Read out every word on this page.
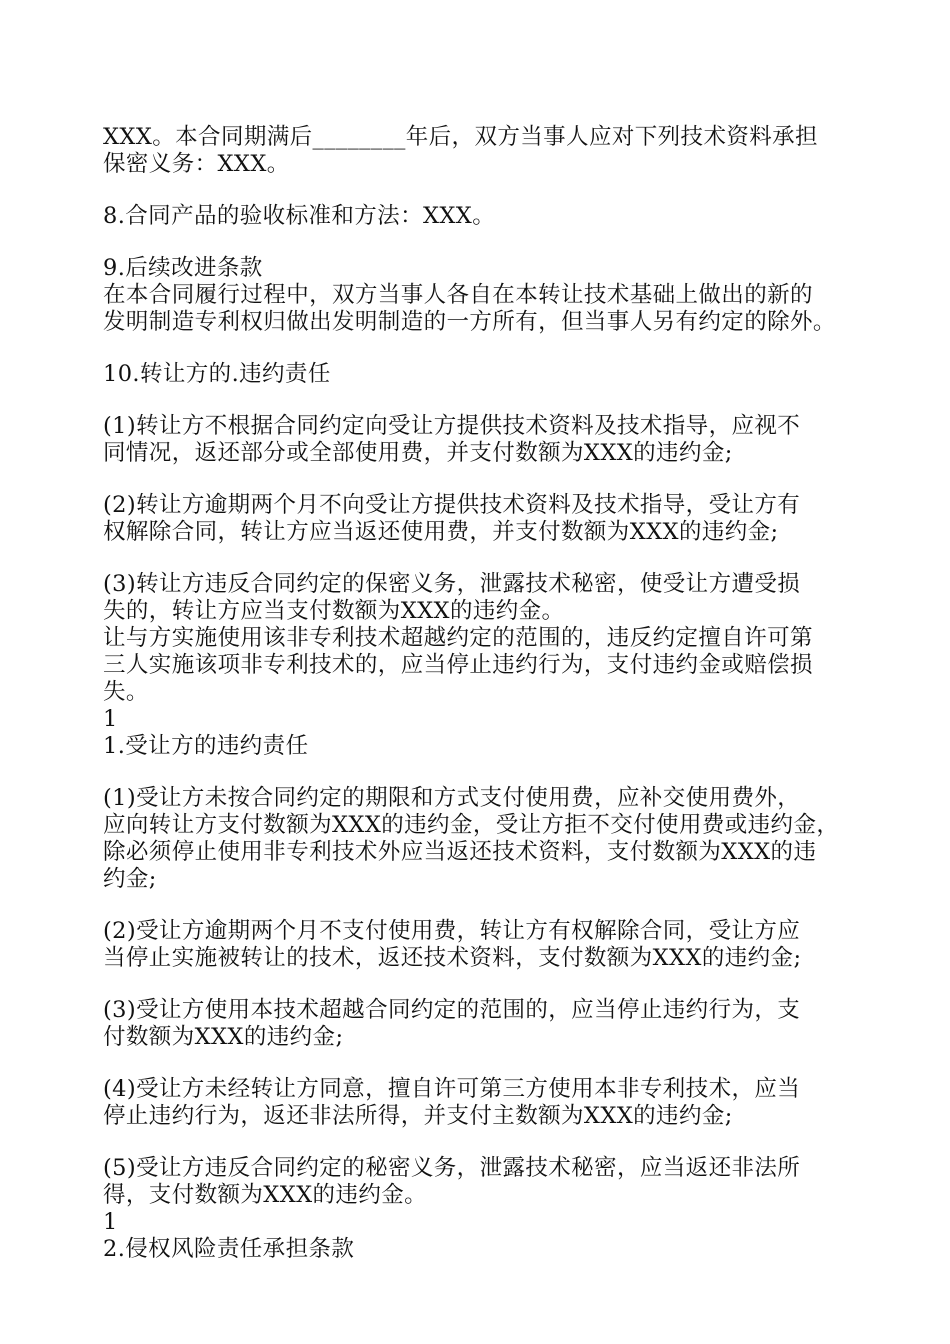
XXX。本合同期满后________年后，双方当事人应对下列技术资料承担
保密义务：XXX。
8.合同产品的验收标准和方法：XXX。
9.后续改进条款
在本合同履行过程中，双方当事人各自在本转让技术基础上做出的新的
发明制造专利权归做出发明制造的一方所有，但当事人另有约定的除外。
10.转让方的.违约责任
(1)转让方不根据合同约定向受让方提供技术资料及技术指导，应视不
同情况，返还部分或全部使用费，并支付数额为XXX的违约金;
(2)转让方逾期两个月不向受让方提供技术资料及技术指导，受让方有
权解除合同，转让方应当返还使用费，并支付数额为XXX的违约金;
(3)转让方违反合同约定的保密义务，泄露技术秘密，使受让方遭受损
失的，转让方应当支付数额为XXX的违约金。
让与方实施使用该非专利技术超越约定的范围的，违反约定擅自许可第
三人实施该项非专利技术的，应当停止违约行为，支付违约金或赔偿损
失。
1
1.受让方的违约责任
(1)受让方未按合同约定的期限和方式支付使用费，应补交使用费外，
应向转让方支付数额为XXX的违约金，受让方拒不交付使用费或违约金，
除必须停止使用非专利技术外应当返还技术资料，支付数额为XXX的违
约金;
(2)受让方逾期两个月不支付使用费，转让方有权解除合同，受让方应
当停止实施被转让的技术，返还技术资料，支付数额为XXX的违约金;
(3)受让方使用本技术超越合同约定的范围的，应当停止违约行为，支
付数额为XXX的违约金;
(4)受让方未经转让方同意，擅自许可第三方使用本非专利技术，应当
停止违约行为，返还非法所得，并支付主数额为XXX的违约金;
(5)受让方违反合同约定的秘密义务，泄露技术秘密，应当返还非法所
得，支付数额为XXX的违约金。
1
2.侵权风险责任承担条款
